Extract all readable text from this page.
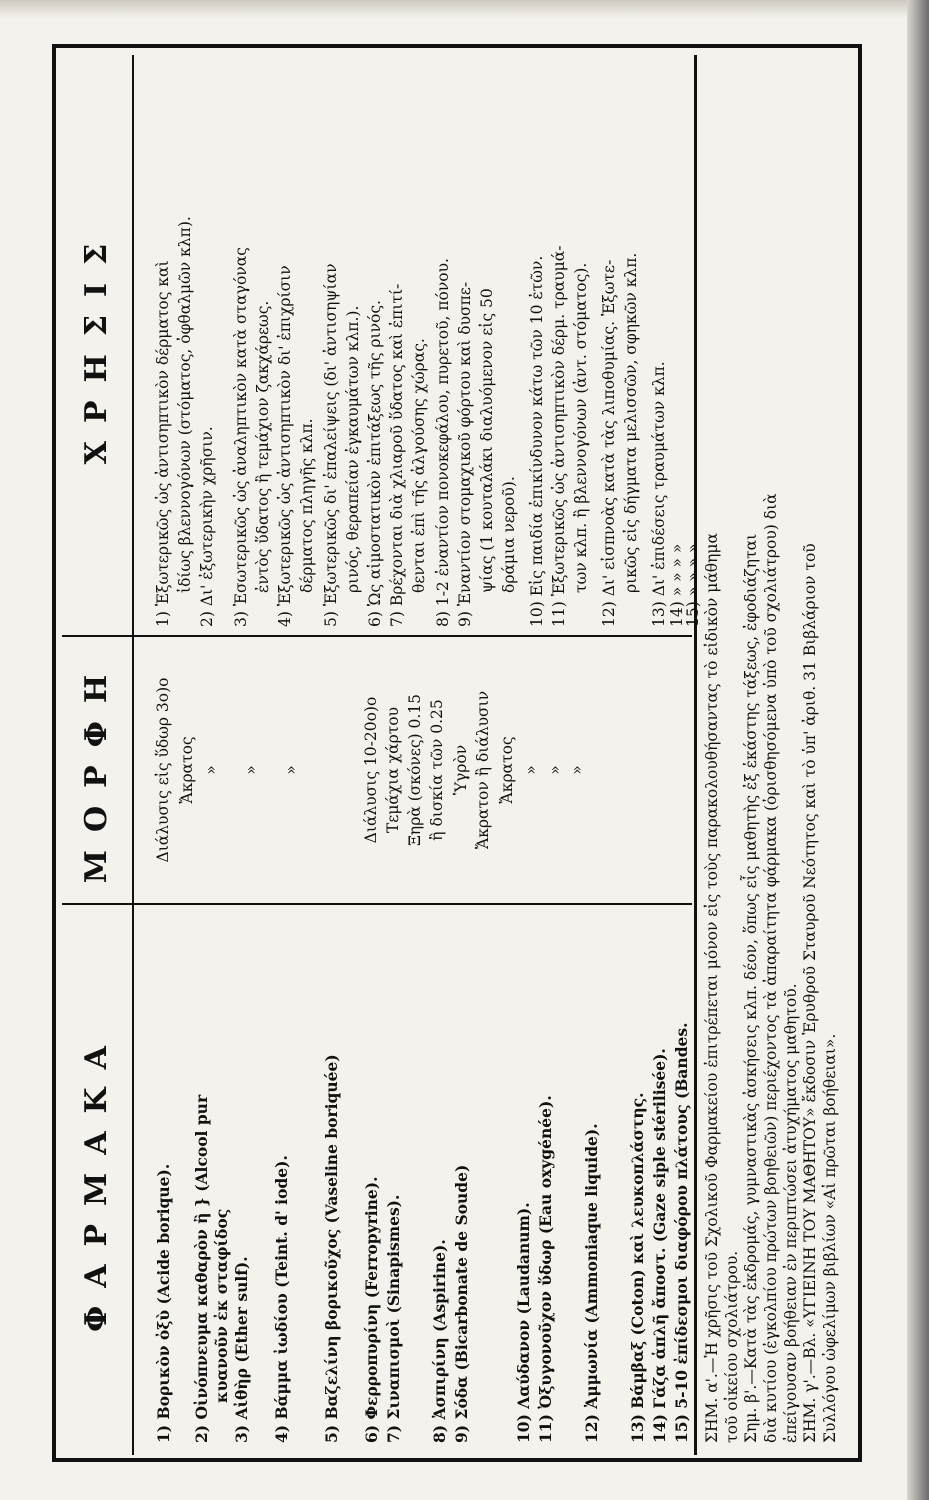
ΦΑΡΜΑΚΑ
ΜΟΡΦΗ
ΧΡΗΣΙΣ
1) Βορικὸν ὀξὺ (Acide borique). 2) Οἰνόπνευμα καθαρὸν ἢ } (Alcool pur κυανοῦν ἐκ σταφίδος 3) Αἰθὴρ (Ether sulf). 4) Βάμμα ἰωδίου (Teint. d' iode). 5) Βαζελίνη βορικοῦχος (Vaseline boriquée) 6) Φερροπυρίνη (Ferropyrine). 7) Σιναπισμοὶ (Sinapismes). 8) Ἀσπιρίνη (Aspirine). 9) Σόδα (Bicarbonate de Soude)	10) Λαύδανον (Laudanum). 11) Ὀξυγονοῦχον ὕδωρ (Eau oxygénée). 12) Ἀμμωνία (Ammoniaque liquide). 13) Βάμβαξ (Coton) καὶ λευκοπλάστης. 14) Γάζα ἁπλῆ ἄποστ. (Gaze siple stérilisée). 15) 5-10 ἐπίδεσμοι διαφόρου πλάτους (Bandes.
Διάλυσις εἰς ὕδωρ 3ο)ο Ἄκρατος » » »	Διάλυσις 10-20ο)ο Τεμάχια χάρτου Ξηρὰ (σκόνες) 0.15 ἢ δισκία τῶν 0.25 Ὑγρὸν Ἄκρατον ἢ διάλυσιν Ἄκρατος » » »
1) Ἐξωτερικῶς ὡς ἀντισηπτικὸν δέρματος καὶ ἰδίως βλεννογόνων (στόματος, ὀφθαλμῶν κλπ). 2) Δι' ἐξωτερικὴν χρῆσιν. 3) Ἐσωτερικῶς ὡς ἀναληπτικὸν κατὰ σταγόνας ἐντὸς ὕδατος ἢ τεμάχιον ζακχάρεως. 4) Ἐξωτερικῶς ὡς ἀντισηπτικὸν δι' ἐπιχρίσιν δέρματος πληγῆς κλπ. 5) Ἐξωτερικῶς δι' ἐπαλείψεις (δι' ἀντισηψίαν ρινός, θεραπείαν ἐγκαυμάτων κλπ.). 6) Ὡς αἱμοστατικὸν ἐπιτάξεως τῆς ρινός. 7) Βρέχονται διὰ χλιαροῦ ὕδατος καὶ ἐπιτί- θενται ἐπὶ τῆς ἀλγούσης χώρας. 8) 1-2 ἐναντίον πονοκεφάλου, πυρετοῦ, πόνου. 9) Ἐναντίον στομαχικοῦ φόρτου καὶ δυσπε- ψίας (1 κουταλάκι διαλυόμενον εἰς 50 δράμια νεροῦ). 10) Εἰς παιδία ἐπικίνδυνον κάτω τῶν 10 ἐτῶν. 11) Ἐξωτερικῶς ὡς ἀντισηπτικὸν δέρμ. τραυμά- των κλπ. ἢ βλεννογόνων (ἀντ. στόματος). 12) Δι' εἰσπνοὰς κατὰ τὰς λιποθυμίας. Ἐξωτε- ρικῶς εἰς δήγματα μελισσῶν, σφηκῶν κλπ. 13) Δι' ἐπιδέσεις τραυμάτων κλπ. 14) » » » »
15) » » » » ΣΗΜ. α'.—Ἡ χρῆσις τοῦ Σχολικοῦ Φαρμακείου ἐπιτρέπεται μόνον εἰς τοὺς παρακολουθήσαντας τὸ εἰδικὸν μάθημα τοῦ οἰκείου σχολιάτρου. Σημ. β'.—Κατὰ τὰς ἐκδρομάς, γυμναστικὰς ἀσκήσεις κλπ. δέον, ὅπως εἷς μαθητὴς ἐξ ἑκάστης τάξεως, ἐφοδιάζηται διὰ κυτίου (ἐγκολπίου πρώτων βοηθειῶν) περιέχοντος τὰ ἀπαραίτητα φάρμακα (ὁρισθησόμενα ὑπὸ τοῦ σχολιάτρου) διὰ ἐπείγουσαν βοήθειαν ἐν περιπτώσει ἀτυχήματος μαθητοῦ. ΣΗΜ. γ'.—Βλ. «ΥΓΙΕΙΝΗ ΤΟΥ ΜΑΘΗΤΟΥ» ἔκδοσιν Ἐρυθροῦ Σταυροῦ Νεότητος καὶ τὸ ὑπ' ἀριθ. 31 Βιβλάριον τοῦ Συλλόγου ὠφελίμων βιβλίων «Αἱ πρῶται βοήθειαι».
